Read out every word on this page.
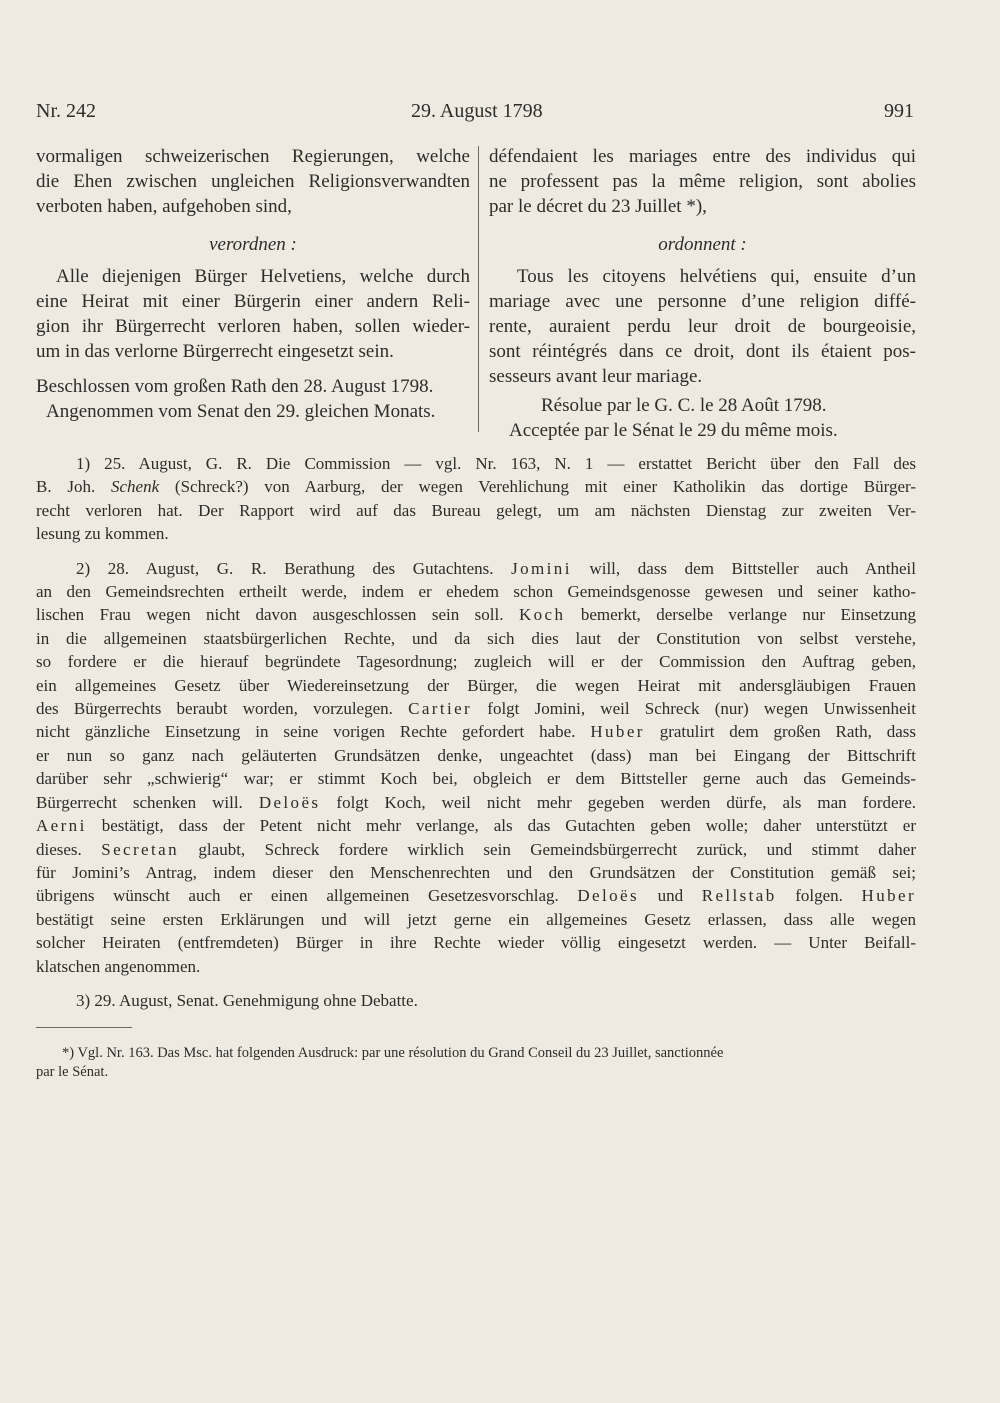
Nr. 242	29. August 1798	991
vormaligen schweizerischen Regierungen, welche
die Ehen zwischen ungleichen Religionsverwandten
verboten haben, aufgehoben sind,
verordnen :
Alle diejenigen Bürger Helvetiens, welche durch
eine Heirat mit einer Bürgerin einer andern Reli-
gion ihr Bürgerrecht verloren haben, sollen wieder-
um in das verlorne Bürgerrecht eingesetzt sein.
Beschlossen vom großen Rath den 28. August 1798.
Angenommen vom Senat den 29. gleichen Monats.
défendaient les mariages entre des individus qui
ne professent pas la même religion, sont abolies
par le décret du 23 Juillet *),
ordonnent :
Tous les citoyens helvétiens qui, ensuite d’un
mariage avec une personne d’une religion diffé-
rente, auraient perdu leur droit de bourgeoisie,
sont réintégrés dans ce droit, dont ils étaient pos-
sesseurs avant leur mariage.
Résolue par le G. C. le 28 Août 1798.
Acceptée par le Sénat le 29 du même mois.
1) 25. August, G. R. Die Commission — vgl. Nr. 163, N. 1 — erstattet Bericht über den Fall des
B. Joh. Schenk (Schreck?) von Aarburg, der wegen Verehlichung mit einer Katholikin das dortige Bürger-
recht verloren hat. Der Rapport wird auf das Bureau gelegt, um am nächsten Dienstag zur zweiten Ver-
lesung zu kommen.
2) 28. August, G. R. Berathung des Gutachtens. Jomini will, dass dem Bittsteller auch Antheil
an den Gemeindsrechten ertheilt werde, indem er ehedem schon Gemeindsgenosse gewesen und seiner katho-
lischen Frau wegen nicht davon ausgeschlossen sein soll. Koch bemerkt, derselbe verlange nur Einsetzung
in die allgemeinen staatsbürgerlichen Rechte, und da sich dies laut der Constitution von selbst verstehe,
so fordere er die hierauf begründete Tagesordnung; zugleich will er der Commission den Auftrag geben,
ein allgemeines Gesetz über Wiedereinsetzung der Bürger, die wegen Heirat mit andersgläubigen Frauen
des Bürgerrechts beraubt worden, vorzulegen. Cartier folgt Jomini, weil Schreck (nur) wegen Unwissenheit
nicht gänzliche Einsetzung in seine vorigen Rechte gefordert habe. Huber gratulirt dem großen Rath, dass
er nun so ganz nach geläuterten Grundsätzen denke, ungeachtet (dass) man bei Eingang der Bittschrift
darüber sehr „schwierig“ war; er stimmt Koch bei, obgleich er dem Bittsteller gerne auch das Gemeinds-
Bürgerrecht schenken will. Deloës folgt Koch, weil nicht mehr gegeben werden dürfe, als man fordere.
Aerni bestätigt, dass der Petent nicht mehr verlange, als das Gutachten geben wolle; daher unterstützt er
dieses. Secretan glaubt, Schreck fordere wirklich sein Gemeindsbürgerrecht zurück, und stimmt daher
für Jomini’s Antrag, indem dieser den Menschenrechten und den Grundsätzen der Constitution gemäß sei;
übrigens wünscht auch er einen allgemeinen Gesetzesvorschlag. Deloës und Rellstab folgen. Huber
bestätigt seine ersten Erklärungen und will jetzt gerne ein allgemeines Gesetz erlassen, dass alle wegen
solcher Heiraten (entfremdeten) Bürger in ihre Rechte wieder völlig eingesetzt werden. — Unter Beifall-
klatschen angenommen.
3) 29. August, Senat. Genehmigung ohne Debatte.
*) Vgl. Nr. 163. Das Msc. hat folgenden Ausdruck: par une résolution du Grand Conseil du 23 Juillet, sanctionnée
par le Sénat.
